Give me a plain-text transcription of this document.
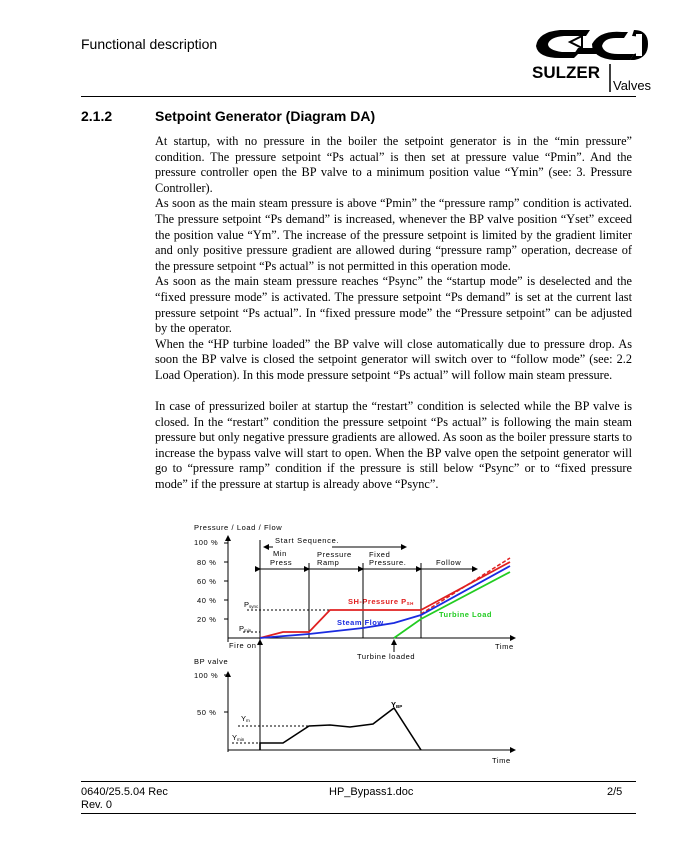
Functional description
SULZER
Valves
2.1.2	Setpoint Generator (Diagram DA)

At startup, with no pressure in the boiler the setpoint generator is in the “min pressure” condition. The pressure setpoint “Ps actual” is then set at pressure value “Pmin”. And the pressure controller open the BP valve to a minimum position value “Ymin” (see: 3. Pressure Controller).

As soon as the main steam pressure is above “Pmin” the “pressure ramp” condition is activated. The pressure setpoint “Ps demand” is increased, whenever the BP valve position “Yset” exceed the position value “Ym”. The increase of the pressure setpoint is limited by the gradient limiter and only positive pressure gradient are allowed during “pressure ramp” operation, decrease of the pressure setpoint “Ps actual” is not permitted in this operation mode.

As soon as the main steam pressure reaches “Psync” the “startup mode” is deselected and the “fixed pressure mode” is activated. The pressure setpoint “Ps demand” is set at the current last pressure setpoint “Ps actual”. In “fixed pressure mode” the “Pressure setpoint” can be adjusted by the operator.

When the “HP turbine loaded” the BP valve will close automatically due to pressure drop. As soon the BP valve is closed the setpoint generator will switch over to “follow mode” (see: 2.2 Load Operation). In this mode pressure setpoint “Ps actual” will follow main steam pressure.

In case of pressurized boiler at startup the “restart” condition is selected while the BP valve is closed. In the “restart” condition the pressure setpoint “Ps actual” is following the main steam pressure but only negative pressure gradients are allowed. As soon as the boiler pressure starts to increase the bypass valve will start to open. When the BP valve open the setpoint generator will go to “pressure ramp” condition if the pressure is still below “Psync” or to “fixed pressure mode” if the pressure at startup is already above “Psync”.

Pressure / Load / Flow
100 %
80 %
60 %
40 %
20 %
Start Sequence.
Min
Press
Pressure
Ramp
Fixed
Pressure.	Follow
Psync
Pmin
Fire on
Turbine loaded
Time
SH-Pressure PSH
Steam Flow
Turbine Load
BP valve
100 %
50 %
Ym
Ymin
YBP
Time
0640/25.5.04 Rec
Rev. 0
HP_Bypass1.doc	2/5
